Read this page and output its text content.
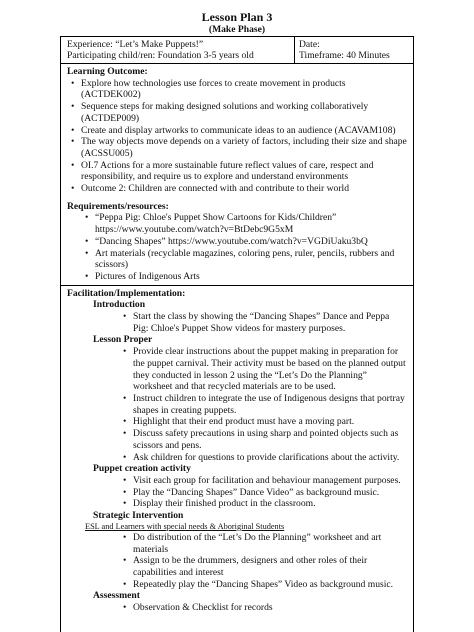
Lesson Plan 3
(Make Phase)
Experience: “Let’s Make Puppets!”
Participating child/ren: Foundation 3-5 years old
Date:
Timeframe: 40 Minutes
Learning Outcome:
• Explore how technologies use forces to create movement in products (ACTDEK002)
• Sequence steps for making designed solutions and working collaboratively (ACTDEP009)
• Create and display artworks to communicate ideas to an audience (ACAVAM108)
• The way objects move depends on a variety of factors, including their size and shape (ACSSU005)
• OI.7 Actions for a more sustainable future reflect values of care, respect and responsibility, and require us to explore and understand environments
• Outcome 2: Children are connected with and contribute to their world
Requirements/resources:
• “Peppa Pig: Chloe's Puppet Show Cartoons for Kids/Children” https://www.youtube.com/watch?v=BtDebc9G5xM
• “Dancing Shapes” https://www.youtube.com/watch?v=VGDiUaku3bQ
• Art materials (recyclable magazines, coloring pens, ruler, pencils, rubbers and scissors)
• Pictures of Indigenous Arts
Facilitation/Implementation:
Introduction
• Start the class by showing the “Dancing Shapes” Dance and Peppa Pig: Chloe's Puppet Show videos for mastery purposes.
Lesson Proper
• Provide clear instructions about the puppet making in preparation for the puppet carnival. Their activity must be based on the planned output they conducted in lesson 2 using the “Let’s Do the Planning” worksheet and that recycled materials are to be used.
• Instruct children to integrate the use of Indigenous designs that portray shapes in creating puppets.
• Highlight that their end product must have a moving part.
• Discuss safety precautions in using sharp and pointed objects such as scissors and pens.
• Ask children for questions to provide clarifications about the activity.
Puppet creation activity
• Visit each group for facilitation and behaviour management purposes.
• Play the “Dancing Shapes” Dance Video” as background music.
• Display their finished product in the classroom.
Strategic Intervention
ESL and Learners with special needs & Aboriginal Students
• Do distribution of the “Let’s Do the Planning” worksheet and art materials
• Assign to be the drummers, designers and other roles of their capabilities and interest
• Repeatedly play the “Dancing Shapes” Video as background music.
Assessment
• Observation & Checklist for records
